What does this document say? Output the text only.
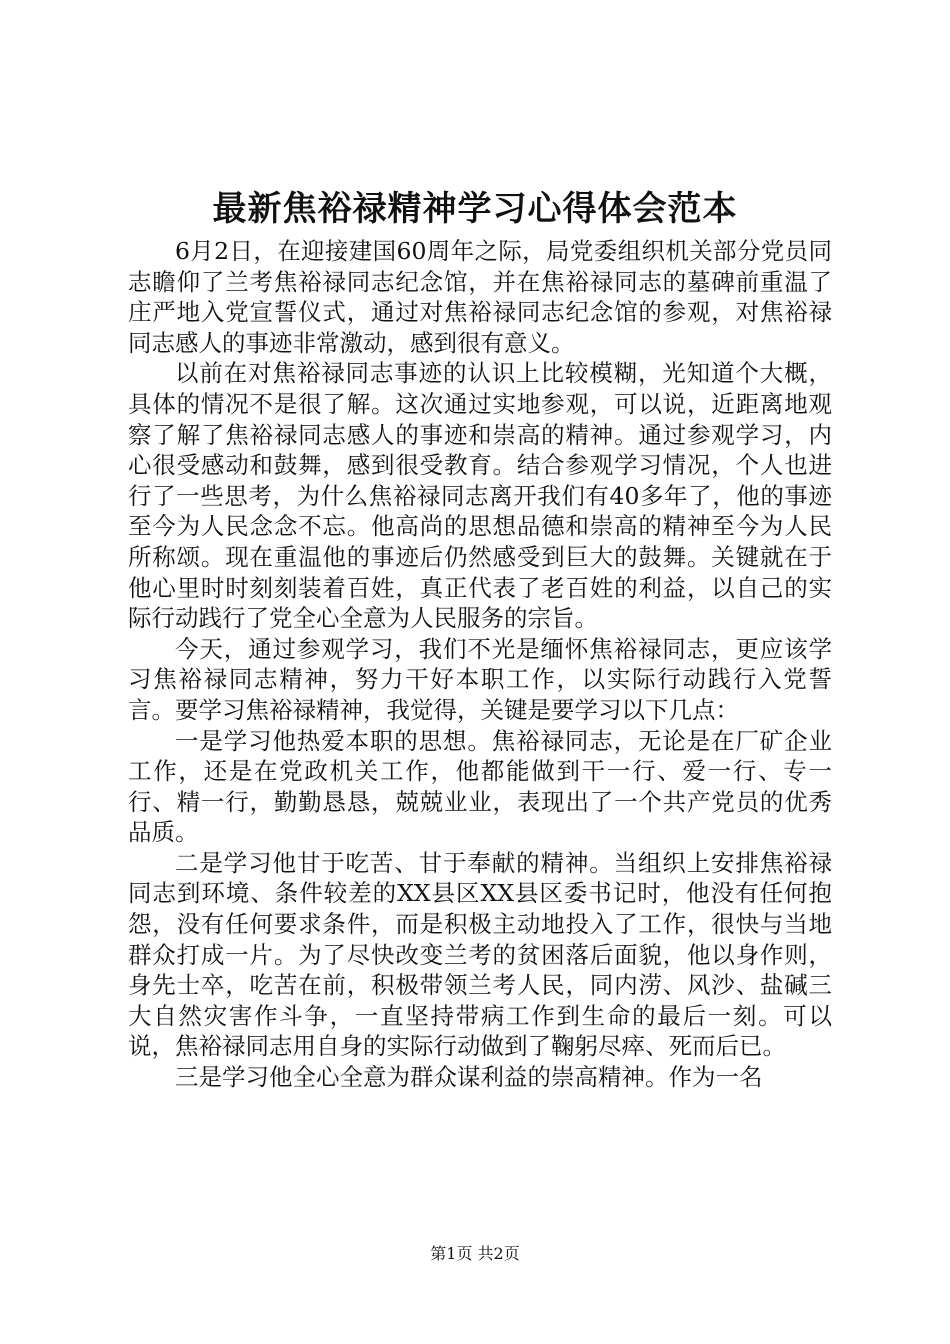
最新焦裕禄精神学习心得体会范本

6月2日，在迎接建国60周年之际，局党委组织机关部分党员同志瞻仰了兰考焦裕禄同志纪念馆，并在焦裕禄同志的墓碑前重温了庄严地入党宣誓仪式，通过对焦裕禄同志纪念馆的参观，对焦裕禄同志感人的事迹非常激动，感到很有意义。

以前在对焦裕禄同志事迹的认识上比较模糊，光知道个大概，具体的情况不是很了解。这次通过实地参观，可以说，近距离地观察了解了焦裕禄同志感人的事迹和崇高的精神。通过参观学习，内心很受感动和鼓舞，感到很受教育。结合参观学习情况，个人也进行了一些思考，为什么焦裕禄同志离开我们有40多年了，他的事迹至今为人民念念不忘。他高尚的思想品德和崇高的精神至今为人民所称颂。现在重温他的事迹后仍然感受到巨大的鼓舞。关键就在于他心里时时刻刻装着百姓，真正代表了老百姓的利益，以自己的实际行动践行了党全心全意为人民服务的宗旨。

今天，通过参观学习，我们不光是缅怀焦裕禄同志，更应该学习焦裕禄同志精神，努力干好本职工作，以实际行动践行入党誓言。要学习焦裕禄精神，我觉得，关键是要学习以下几点：

一是学习他热爱本职的思想。焦裕禄同志，无论是在厂矿企业工作，还是在党政机关工作，他都能做到干一行、爱一行、专一行、精一行，勤勤恳恳，兢兢业业，表现出了一个共产党员的优秀品质。

二是学习他甘于吃苦、甘于奉献的精神。当组织上安排焦裕禄同志到环境、条件较差的XX县区XX县区委书记时，他没有任何抱怨，没有任何要求条件，而是积极主动地投入了工作，很快与当地群众打成一片。为了尽快改变兰考的贫困落后面貌，他以身作则，身先士卒，吃苦在前，积极带领兰考人民，同内涝、风沙、盐碱三大自然灾害作斗争，一直坚持带病工作到生命的最后一刻。可以说，焦裕禄同志用自身的实际行动做到了鞠躬尽瘁、死而后已。

三是学习他全心全意为群众谋利益的崇高精神。作为一名

第1页 共2页
